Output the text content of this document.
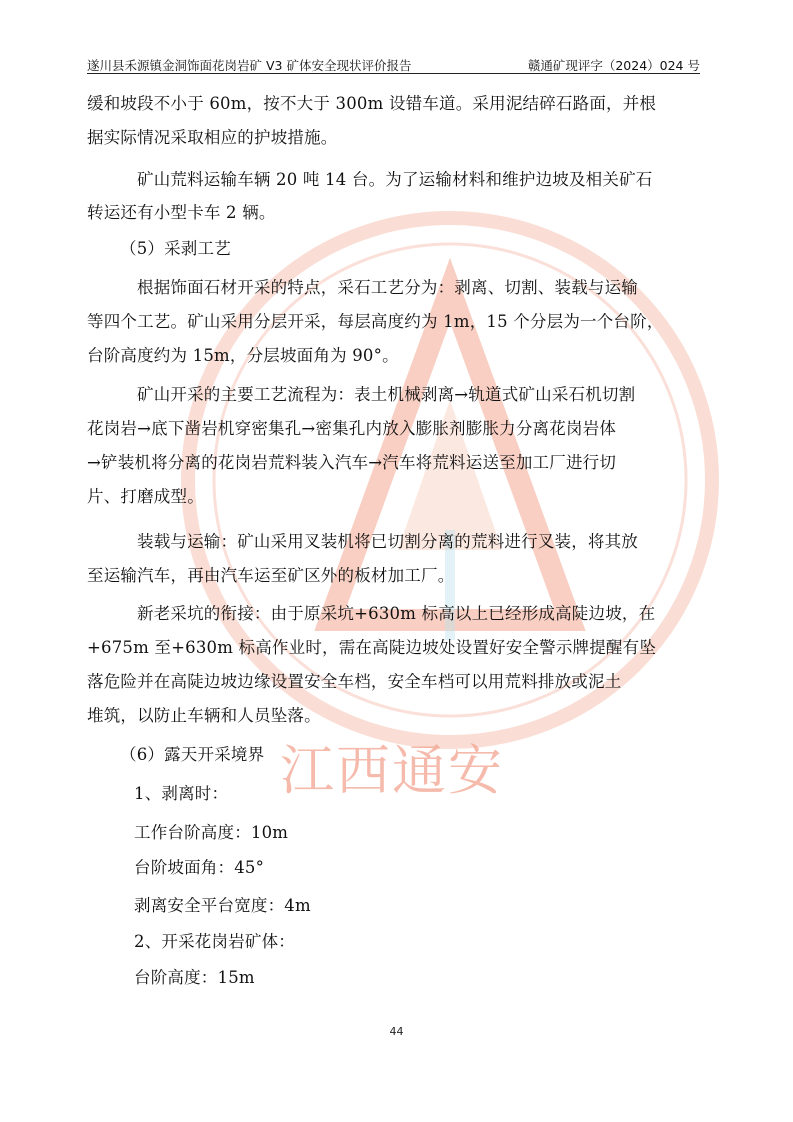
江西通安
遂川县禾源镇金洞饰面花岗岩矿 V3 矿体安全现状评价报告	赣通矿现评字（2024）024 号
缓和坡段不小于 60m，按不大于 300m 设错车道。采用泥结碎石路面，并根
据实际情况采取相应的护坡措施。
矿山荒料运输车辆 20 吨 14 台。为了运输材料和维护边坡及相关矿石
转运还有小型卡车 2 辆。
（5）采剥工艺
根据饰面石材开采的特点，采石工艺分为：剥离、切割、装载与运输
等四个工艺。矿山采用分层开采，每层高度约为 1m，15 个分层为一个台阶，
台阶高度约为 15m，分层坡面角为 90°。
矿山开采的主要工艺流程为：表土机械剥离→轨道式矿山采石机切割
花岗岩→底下凿岩机穿密集孔→密集孔内放入膨胀剂膨胀力分离花岗岩体
→铲装机将分离的花岗岩荒料装入汽车→汽车将荒料运送至加工厂进行切
片、打磨成型。
装载与运输：矿山采用叉装机将已切割分离的荒料进行叉装，将其放
至运输汽车，再由汽车运至矿区外的板材加工厂。
新老采坑的衔接：由于原采坑+630m 标高以上已经形成高陡边坡，在
+675m 至+630m 标高作业时，需在高陡边坡处设置好安全警示牌提醒有坠
落危险并在高陡边坡边缘设置安全车档，安全车档可以用荒料排放或泥土
堆筑，以防止车辆和人员坠落。
（6）露天开采境界
1、剥离时：
工作台阶高度：10m
台阶坡面角：45°
剥离安全平台宽度：4m
2、开采花岗岩矿体：
台阶高度：15m
44
